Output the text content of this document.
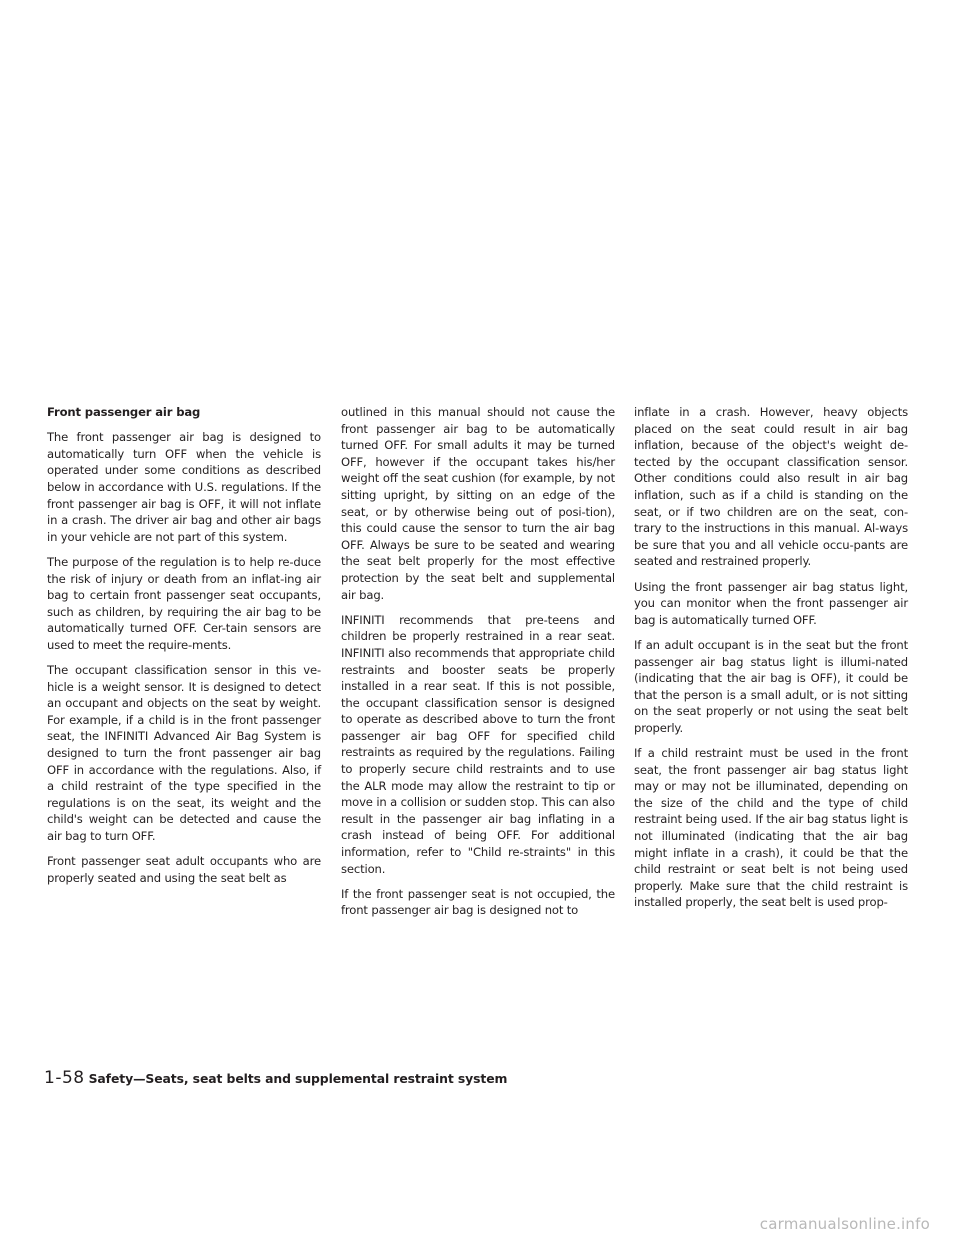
Front passenger air bag

The front passenger air bag is designed to automatically turn OFF when the vehicle is operated under some conditions as described below in accordance with U.S. regulations. If the front passenger air bag is OFF, it will not inflate in a crash. The driver air bag and other air bags in your vehicle are not part of this system.

The purpose of the regulation is to help re-duce the risk of injury or death from an inflat-ing air bag to certain front passenger seat occupants, such as children, by requiring the air bag to be automatically turned OFF. Cer-tain sensors are used to meet the require-ments.

The occupant classification sensor in this ve-hicle is a weight sensor. It is designed to detect an occupant and objects on the seat by weight. For example, if a child is in the front passenger seat, the INFINITI Advanced Air Bag System is designed to turn the front passenger air bag OFF in accordance with the regulations. Also, if a child restraint of the type specified in the regulations is on the seat, its weight and the child's weight can be detected and cause the air bag to turn OFF.

Front passenger seat adult occupants who are properly seated and using the seat belt as

outlined in this manual should not cause the front passenger air bag to be automatically turned OFF. For small adults it may be turned OFF, however if the occupant takes his/her weight off the seat cushion (for example, by not sitting upright, by sitting on an edge of the seat, or by otherwise being out of posi-tion), this could cause the sensor to turn the air bag OFF. Always be sure to be seated and wearing the seat belt properly for the most effective protection by the seat belt and supplemental air bag.

INFINITI recommends that pre-teens and children be properly restrained in a rear seat. INFINITI also recommends that appropriate child restraints and booster seats be properly installed in a rear seat. If this is not possible, the occupant classification sensor is designed to operate as described above to turn the front passenger air bag OFF for specified child restraints as required by the regulations. Failing to properly secure child restraints and to use the ALR mode may allow the restraint to tip or move in a collision or sudden stop. This can also result in the passenger air bag inflating in a crash instead of being OFF. For additional information, refer to "Child re-straints" in this section.

If the front passenger seat is not occupied, the front passenger air bag is designed not to

inflate in a crash. However, heavy objects placed on the seat could result in air bag inflation, because of the object's weight de-tected by the occupant classification sensor. Other conditions could also result in air bag inflation, such as if a child is standing on the seat, or if two children are on the seat, con-trary to the instructions in this manual. Al-ways be sure that you and all vehicle occu-pants are seated and restrained properly.

Using the front passenger air bag status light, you can monitor when the front passenger air bag is automatically turned OFF.

If an adult occupant is in the seat but the front passenger air bag status light is illumi-nated (indicating that the air bag is OFF), it could be that the person is a small adult, or is not sitting on the seat properly or not using the seat belt properly.

If a child restraint must be used in the front seat, the front passenger air bag status light may or may not be illuminated, depending on the size of the child and the type of child restraint being used. If the air bag status light is not illuminated (indicating that the air bag might inflate in a crash), it could be that the child restraint or seat belt is not being used properly. Make sure that the child restraint is installed properly, the seat belt is used prop-

1-58 Safety—Seats, seat belts and supplemental restraint system
carmanualsonline.info
